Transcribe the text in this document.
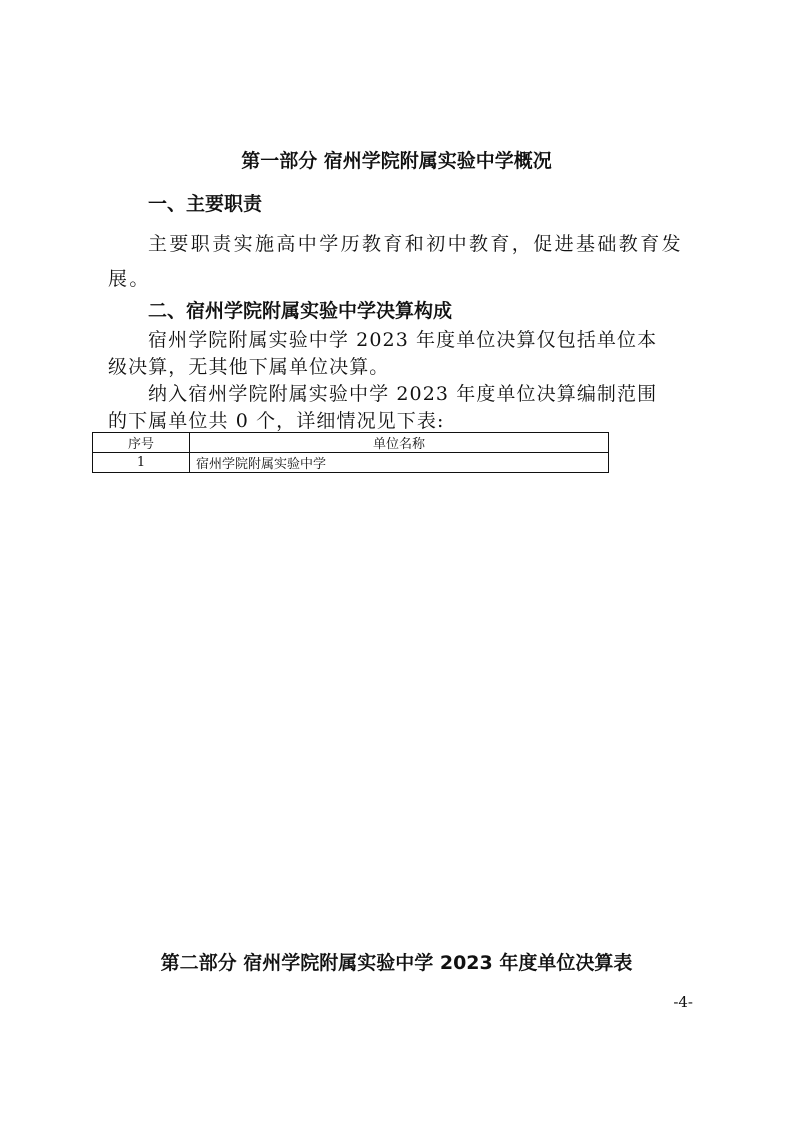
第一部分 宿州学院附属实验中学概况
一、主要职责

主要职责实施高中学历教育和初中教育，促进基础教育发

展。

二、宿州学院附属实验中学决算构成

宿州学院附属实验中学 2023 年度单位决算仅包括单位本

级决算，无其他下属单位决算。

纳入宿州学院附属实验中学 2023 年度单位决算编制范围

的下属单位共 0 个，详细情况见下表:

序号	单位名称
1	宿州学院附属实验中学
第二部分 宿州学院附属实验中学 2023 年度单位决算表
-4-
